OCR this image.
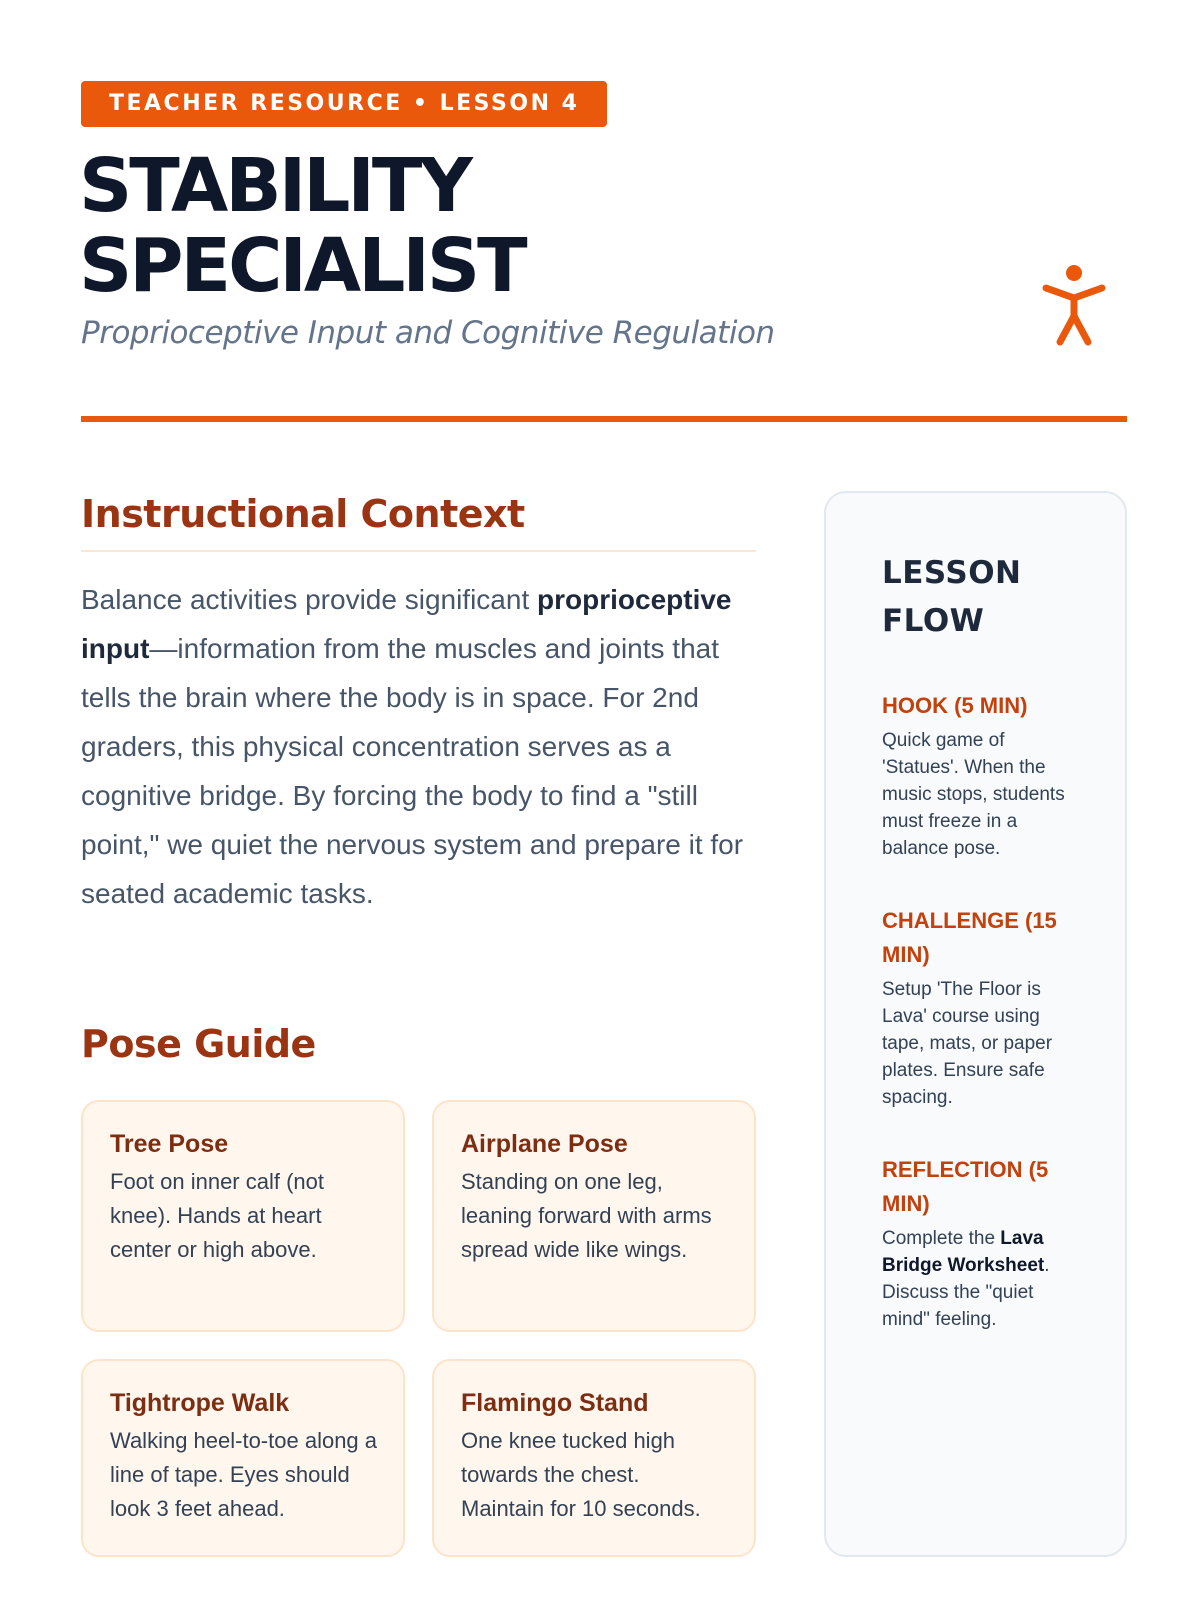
TEACHER RESOURCE • LESSON 4
STABILITY
SPECIALIST

Proprioceptive Input and Cognitive Regulation

Instructional Context

Balance activities provide significant proprioceptive input—information from the muscles and joints that tells the brain where the body is in space. For 2nd graders, this physical concentration serves as a cognitive bridge. By forcing the body to find a "still point," we quiet the nervous system and prepare it for seated academic tasks.

Pose Guide
Tree Pose

Foot on inner calf (not knee). Hands at heart center or high above.

Airplane Pose

Standing on one leg, leaning forward with arms spread wide like wings.

Tightrope Walk

Walking heel-to-toe along a line of tape. Eyes should look 3 feet ahead.

Flamingo Stand

One knee tucked high towards the chest. Maintain for 10 seconds.

LESSON FLOW
HOOK (5 MIN)

Quick game of 'Statues'. When the music stops, students must freeze in a balance pose.

CHALLENGE (15 MIN)

Setup 'The Floor is Lava' course using tape, mats, or paper plates. Ensure safe spacing.

REFLECTION (5 MIN)

Complete the Lava Bridge Worksheet. Discuss the "quiet mind" feeling.
